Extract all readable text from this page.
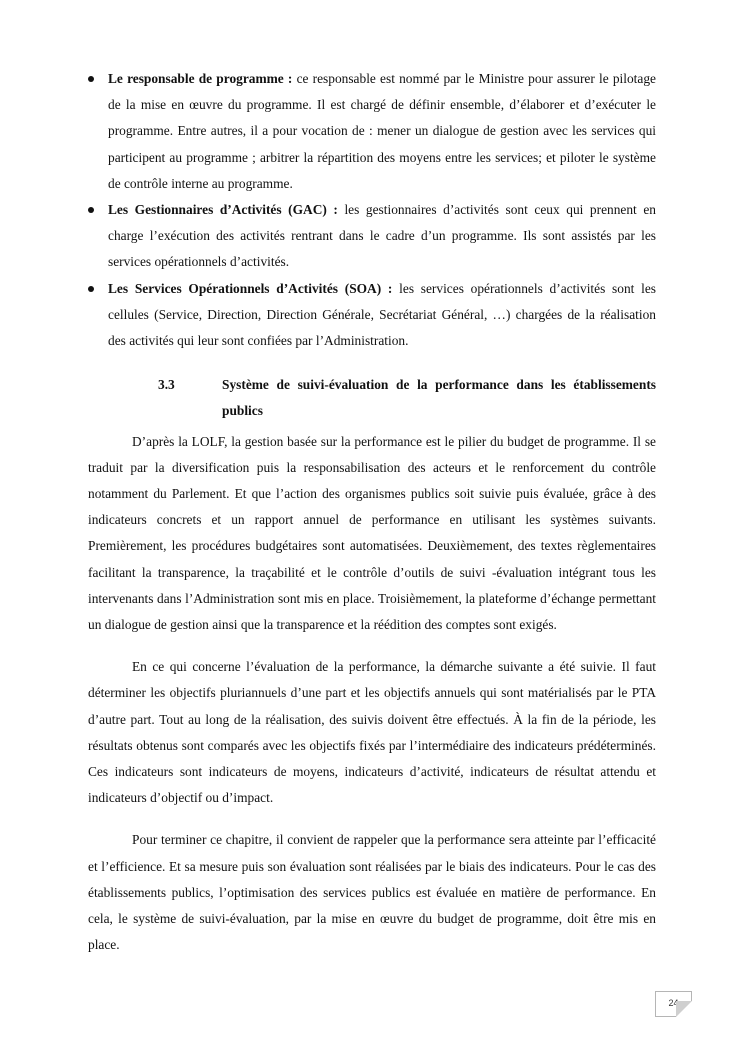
Le responsable de programme : ce responsable est nommé par le Ministre pour assurer le pilotage de la mise en œuvre du programme. Il est chargé de définir ensemble, d’élaborer et d’exécuter le programme. Entre autres, il a pour vocation de : mener un dialogue de gestion avec les services qui participent au programme ; arbitrer la répartition des moyens entre les services; et piloter le système de contrôle interne au programme.
Les Gestionnaires d’Activités (GAC) : les gestionnaires d’activités sont ceux qui prennent en charge l’exécution des activités rentrant dans le cadre d’un programme. Ils sont assistés par les services opérationnels d’activités.
Les Services Opérationnels d’Activités (SOA) : les services opérationnels d’activités sont les cellules (Service, Direction, Direction Générale, Secrétariat Général, …) chargées de la réalisation des activités qui leur sont confiées par l’Administration.
3.3	Système de suivi-évaluation de la performance dans les établissements publics

D’après la LOLF, la gestion basée sur la performance est le pilier du budget de programme. Il se traduit par la diversification puis la responsabilisation des acteurs et le renforcement du contrôle notamment du Parlement. Et que l’action des organismes publics soit suivie puis évaluée, grâce à des indicateurs concrets et un rapport annuel de performance en utilisant les systèmes suivants. Premièrement, les procédures budgétaires sont automatisées. Deuxièmement, des textes règlementaires facilitant la transparence, la traçabilité et le contrôle d’outils de suivi -évaluation intégrant tous les intervenants dans l’Administration sont mis en place. Troisièmement, la plateforme d’échange permettant un dialogue de gestion ainsi que la transparence et la réédition des comptes sont exigés.

En ce qui concerne l’évaluation de la performance, la démarche suivante a été suivie. Il faut déterminer les objectifs pluriannuels d’une part et les objectifs annuels qui sont matérialisés par le PTA d’autre part. Tout au long de la réalisation, des suivis doivent être effectués. À la fin de la période, les résultats obtenus sont comparés avec les objectifs fixés par l’intermédiaire des indicateurs prédéterminés. Ces indicateurs sont indicateurs de moyens, indicateurs d’activité, indicateurs de résultat attendu et indicateurs d’objectif ou d’impact.

Pour terminer ce chapitre, il convient de rappeler que la performance sera atteinte par l’efficacité et l’efficience. Et sa mesure puis son évaluation sont réalisées par le biais des indicateurs. Pour le cas des établissements publics, l’optimisation des services publics est évaluée en matière de performance. En cela, le système de suivi-évaluation, par la mise en œuvre du budget de programme, doit être mis en place.

24
